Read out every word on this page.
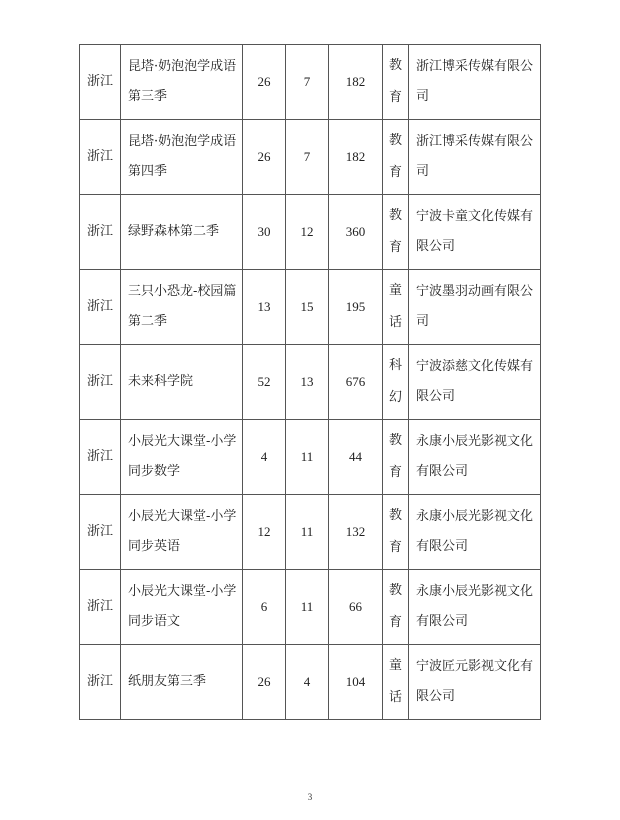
浙江	昆塔·奶泡泡学成语第三季	26	7	182	教育	浙江博采传媒有限公司
浙江	昆塔·奶泡泡学成语第四季	26	7	182	教育	浙江博采传媒有限公司
浙江	绿野森林第二季	30	12	360	教育	宁波卡童文化传媒有限公司
浙江	三只小恐龙-校园篇第二季	13	15	195	童话	宁波墨羽动画有限公司
浙江	未来科学院	52	13	676	科幻	宁波添慈文化传媒有限公司
浙江	小辰光大课堂-小学同步数学	4	11	44	教育	永康小辰光影视文化有限公司
浙江	小辰光大课堂-小学同步英语	12	11	132	教育	永康小辰光影视文化有限公司
浙江	小辰光大课堂-小学同步语文	6	11	66	教育	永康小辰光影视文化有限公司
浙江	纸朋友第三季	26	4	104	童话	宁波匠元影视文化有限公司
3
